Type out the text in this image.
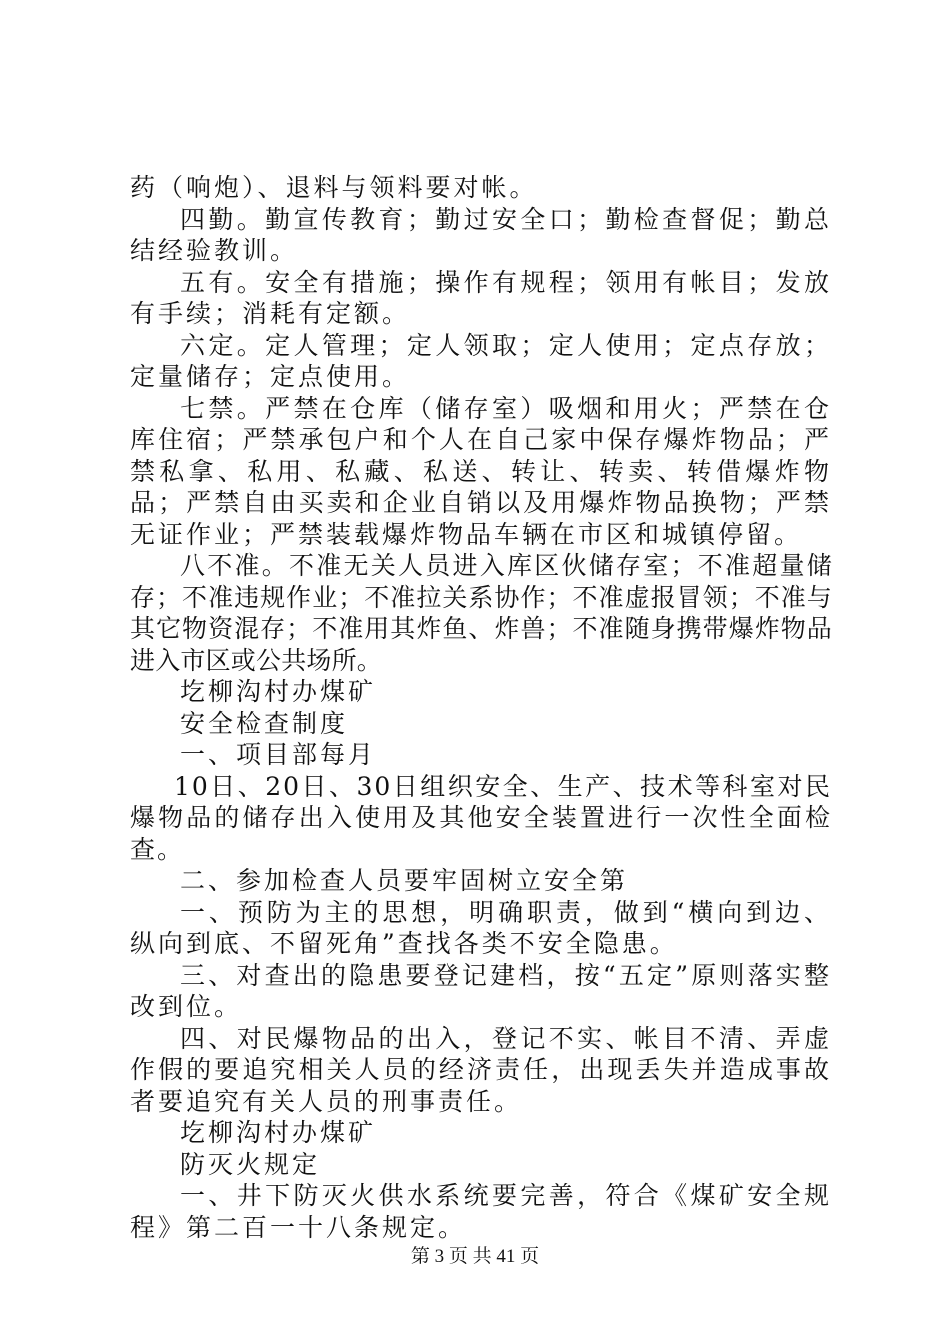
药（响炮）、退料与领料要对帐。

四勤。勤宣传教育；勤过安全口；勤检查督促；勤总结经验教训。

五有。安全有措施；操作有规程；领用有帐目；发放有手续；消耗有定额。

六定。定人管理；定人领取；定人使用；定点存放；定量储存；定点使用。

七禁。严禁在仓库（储存室）吸烟和用火；严禁在仓库住宿；严禁承包户和个人在自己家中保存爆炸物品；严禁私拿、私用、私藏、私送、转让、转卖、转借爆炸物品；严禁自由买卖和企业自销以及用爆炸物品换物；严禁无证作业；严禁装载爆炸物品车辆在市区和城镇停留。

八不准。不准无关人员进入库区伙储存室；不准超量储存；不准违规作业；不准拉关系协作；不准虚报冒领；不准与其它物资混存；不准用其炸鱼、炸兽；不准随身携带爆炸物品进入市区或公共场所。

圪柳沟村办煤矿

安全检查制度

一、项目部每月

10日、20日、30日组织安全、生产、技术等科室对民爆物品的储存出入使用及其他安全装置进行一次性全面检查。

二、参加检查人员要牢固树立安全第

一、预防为主的思想，明确职责，做到“横向到边、纵向到底、不留死角”查找各类不安全隐患。

三、对查出的隐患要登记建档，按“五定”原则落实整改到位。

四、对民爆物品的出入，登记不实、帐目不清、弄虚作假的要追究相关人员的经济责任，出现丢失并造成事故者要追究有关人员的刑事责任。

圪柳沟村办煤矿

防灭火规定

一、井下防灭火供水系统要完善，符合《煤矿安全规程》第二百一十八条规定。

第 3 页 共 41 页
